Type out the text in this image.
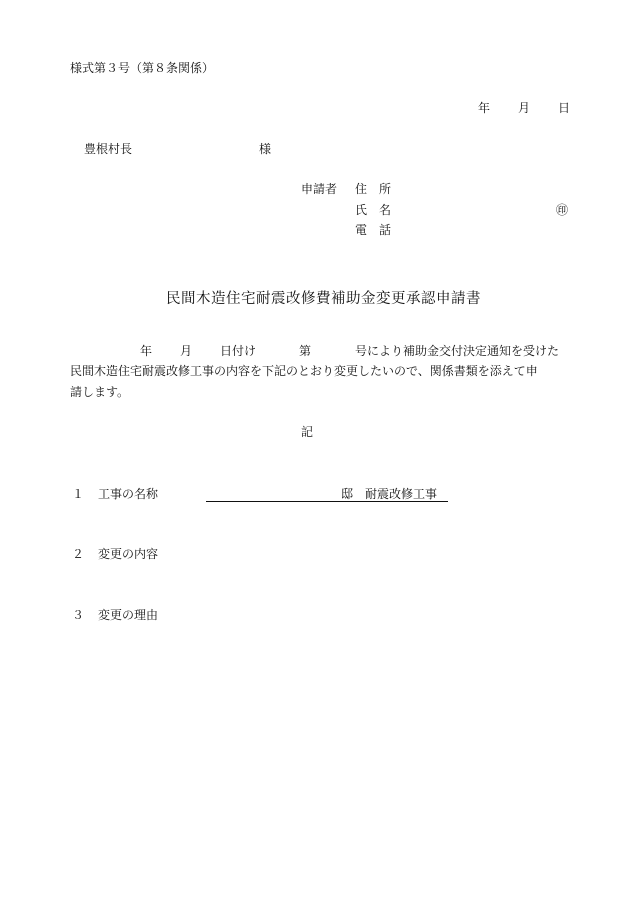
様式第３号（第８条関係）
年 月 日
豊根村長	様
申請者 住　所
氏　名	㊞
電　話
民間木造住宅耐震改修費補助金変更承認申請書
年 月 日付け	第	号により補助金交付決定通知を受けた
民間木造住宅耐震改修工事の内容を下記のとおり変更したいので、関係書類を添えて申
請します。
記
１ 工事の名称	邸　耐震改修工事
２ 変更の内容
３ 変更の理由
